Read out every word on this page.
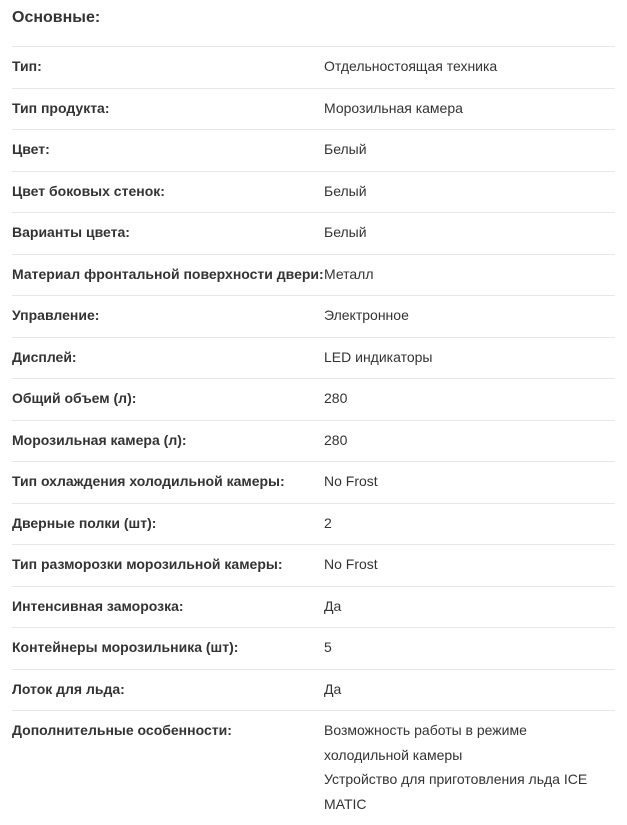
Основные:
Тип:	Отдельностоящая техника
Тип продукта:	Морозильная камера
Цвет:	Белый
Цвет боковых стенок:	Белый
Варианты цвета:	Белый
Материал фронтальной поверхности двери: Металл
Управление:	Электронное
Дисплей:	LED индикаторы
Общий объем (л):	280
Морозильная камера (л):	280
Тип охлаждения холодильной камеры:	No Frost
Дверные полки (шт):	2
Тип разморозки морозильной камеры:	No Frost
Интенсивная заморозка:	Да
Контейнеры морозильника (шт):	5
Лоток для льда:	Да
Дополнительные особенности:	Возможность работы в режиме холодильной камеры
Устройство для приготовления льда ICE MATIC
